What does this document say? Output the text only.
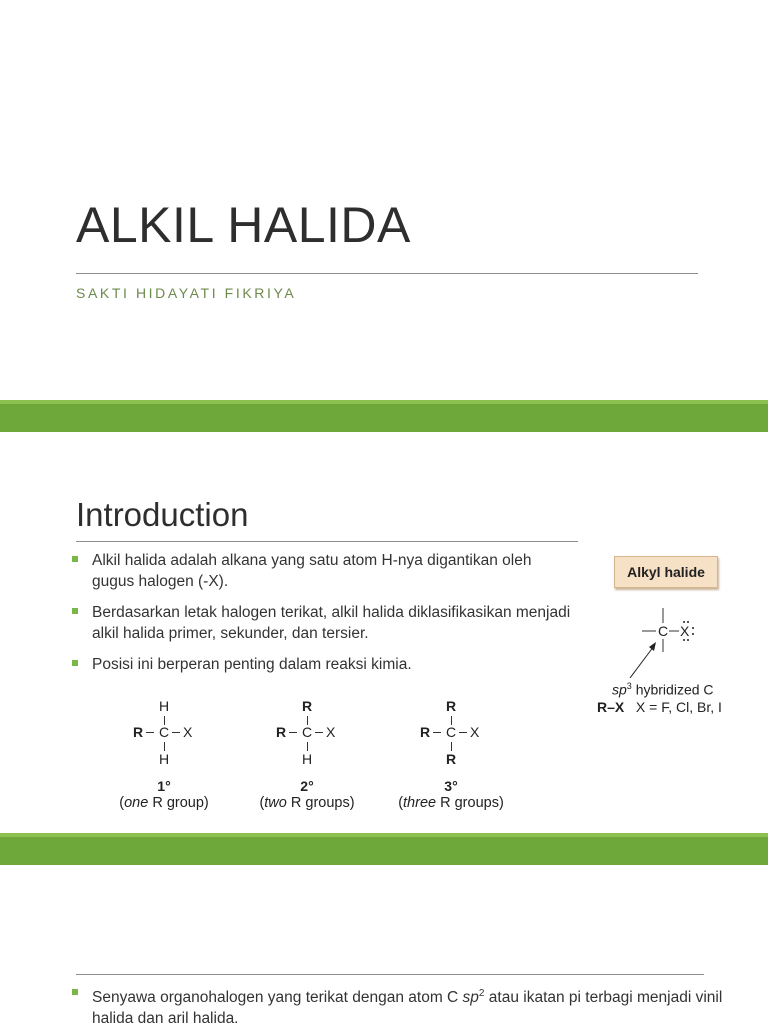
ALKIL HALIDA
SAKTI HIDAYATI FIKRIYA
Introduction
Alkil halida adalah alkana yang satu atom H-nya digantikan oleh gugus halogen (-X).
Berdasarkan letak halogen terikat, alkil halida diklasifikasikan menjadi alkil halida primer, sekunder, dan tersier.
Posisi ini berperan penting dalam reaksi kimia.
H
R C X
H
1°
(one R group)
R
R C X
H
2°
(two R groups)
R
R C X
R
3°
(three R groups)
Alkyl halide
C X
$sp^3$ hybridized C
R–X X = F, Cl, Br, I
Senyawa organohalogen yang terikat dengan atom C $sp^2$ atau ikatan pi terbagi menjadi vinil halida dan aril halida.
